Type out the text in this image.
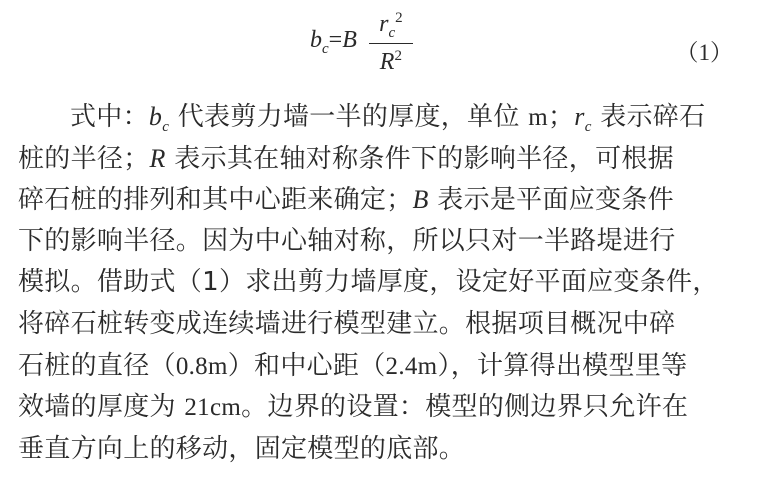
$b_c=B \frac{r_c^2}{R^2}$	（1）
式中：$b_c$ 代表剪力墙一半的厚度，单位 m；$r_c$ 表示碎石
桩的半径；R 表示其在轴对称条件下的影响半径，可根据
碎石桩的排列和其中心距来确定；B 表示是平面应变条件
下的影响半径。因为中心轴对称，所以只对一半路堤进行
模拟。借助式（1）求出剪力墙厚度，设定好平面应变条件，
将碎石桩转变成连续墙进行模型建立。根据项目概况中碎
石桩的直径（0.8m）和中心距（2.4m），计算得出模型里等
效墙的厚度为 21cm。边界的设置：模型的侧边界只允许在
垂直方向上的移动，固定模型的底部。
